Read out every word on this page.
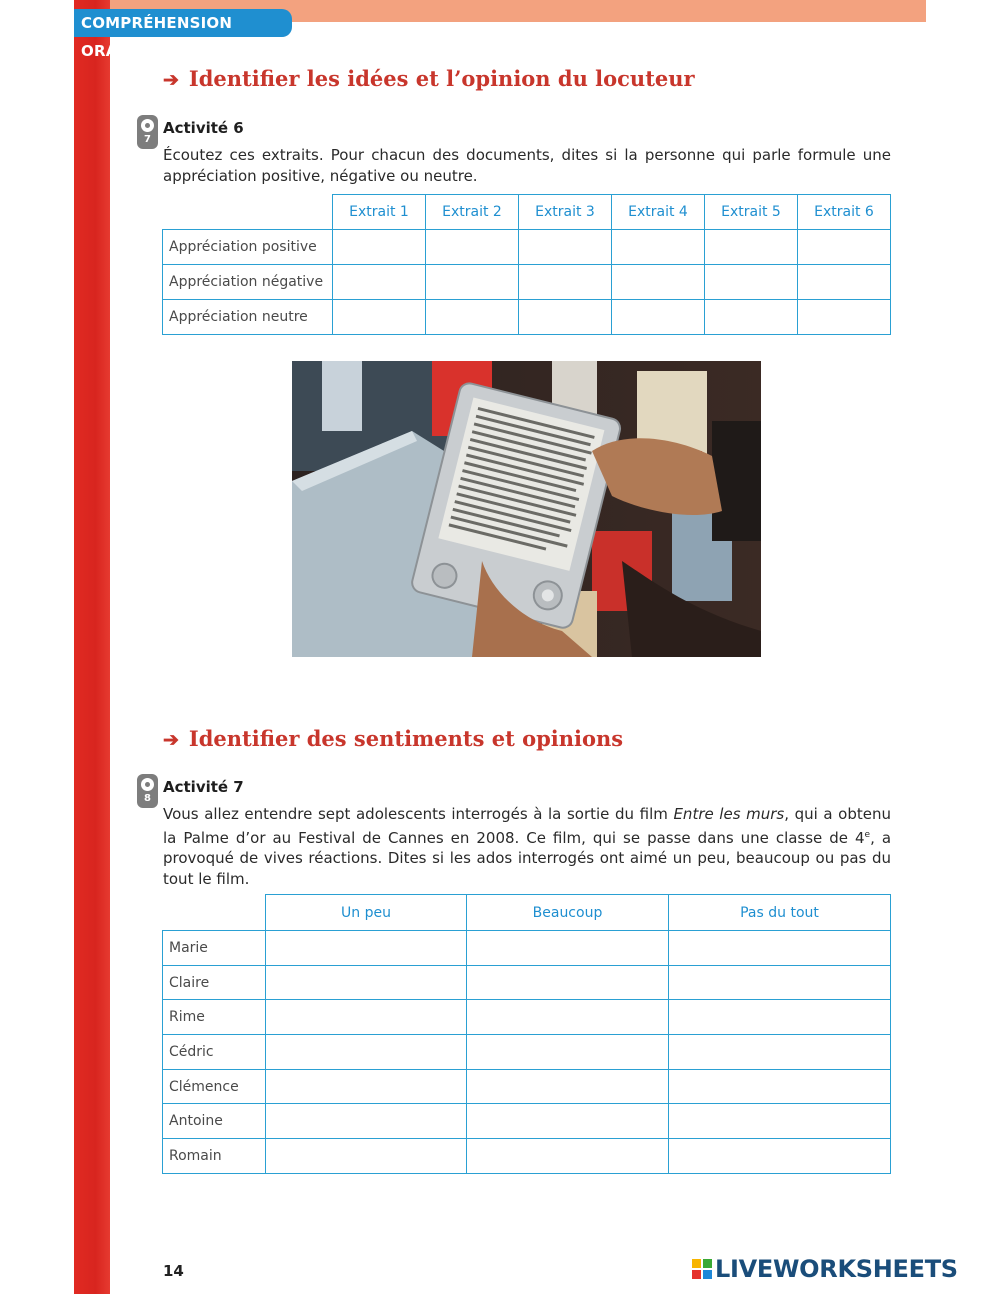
COMPRÉHENSION ORALE
➔ Identifier les idées et l’opinion du locuteur
7
Activité 6

Écoutez ces extraits. Pour chacun des documents, dites si la personne qui parle formule une appréciation positive, négative ou neutre.

	Extrait 1	Extrait 2	Extrait 3	Extrait 4	Extrait 5	Extrait 6
Appréciation positive						
Appréciation négative						
Appréciation neutre						
➔ Identifier des sentiments et opinions
8
Activité 7

Vous allez entendre sept adolescents interrogés à la sortie du film Entre les murs, qui a obtenu la Palme d’or au Festival de Cannes en 2008. Ce film, qui se passe dans une classe de 4e, a provoqué de vives réactions. Dites si les ados interrogés ont aimé un peu, beaucoup ou pas du tout le film.

	Un peu	Beaucoup	Pas du tout
Marie			
Claire			
Rime			
Cédric			
Clémence			
Antoine			
Romain			
14	LIVEWORKSHEETS
